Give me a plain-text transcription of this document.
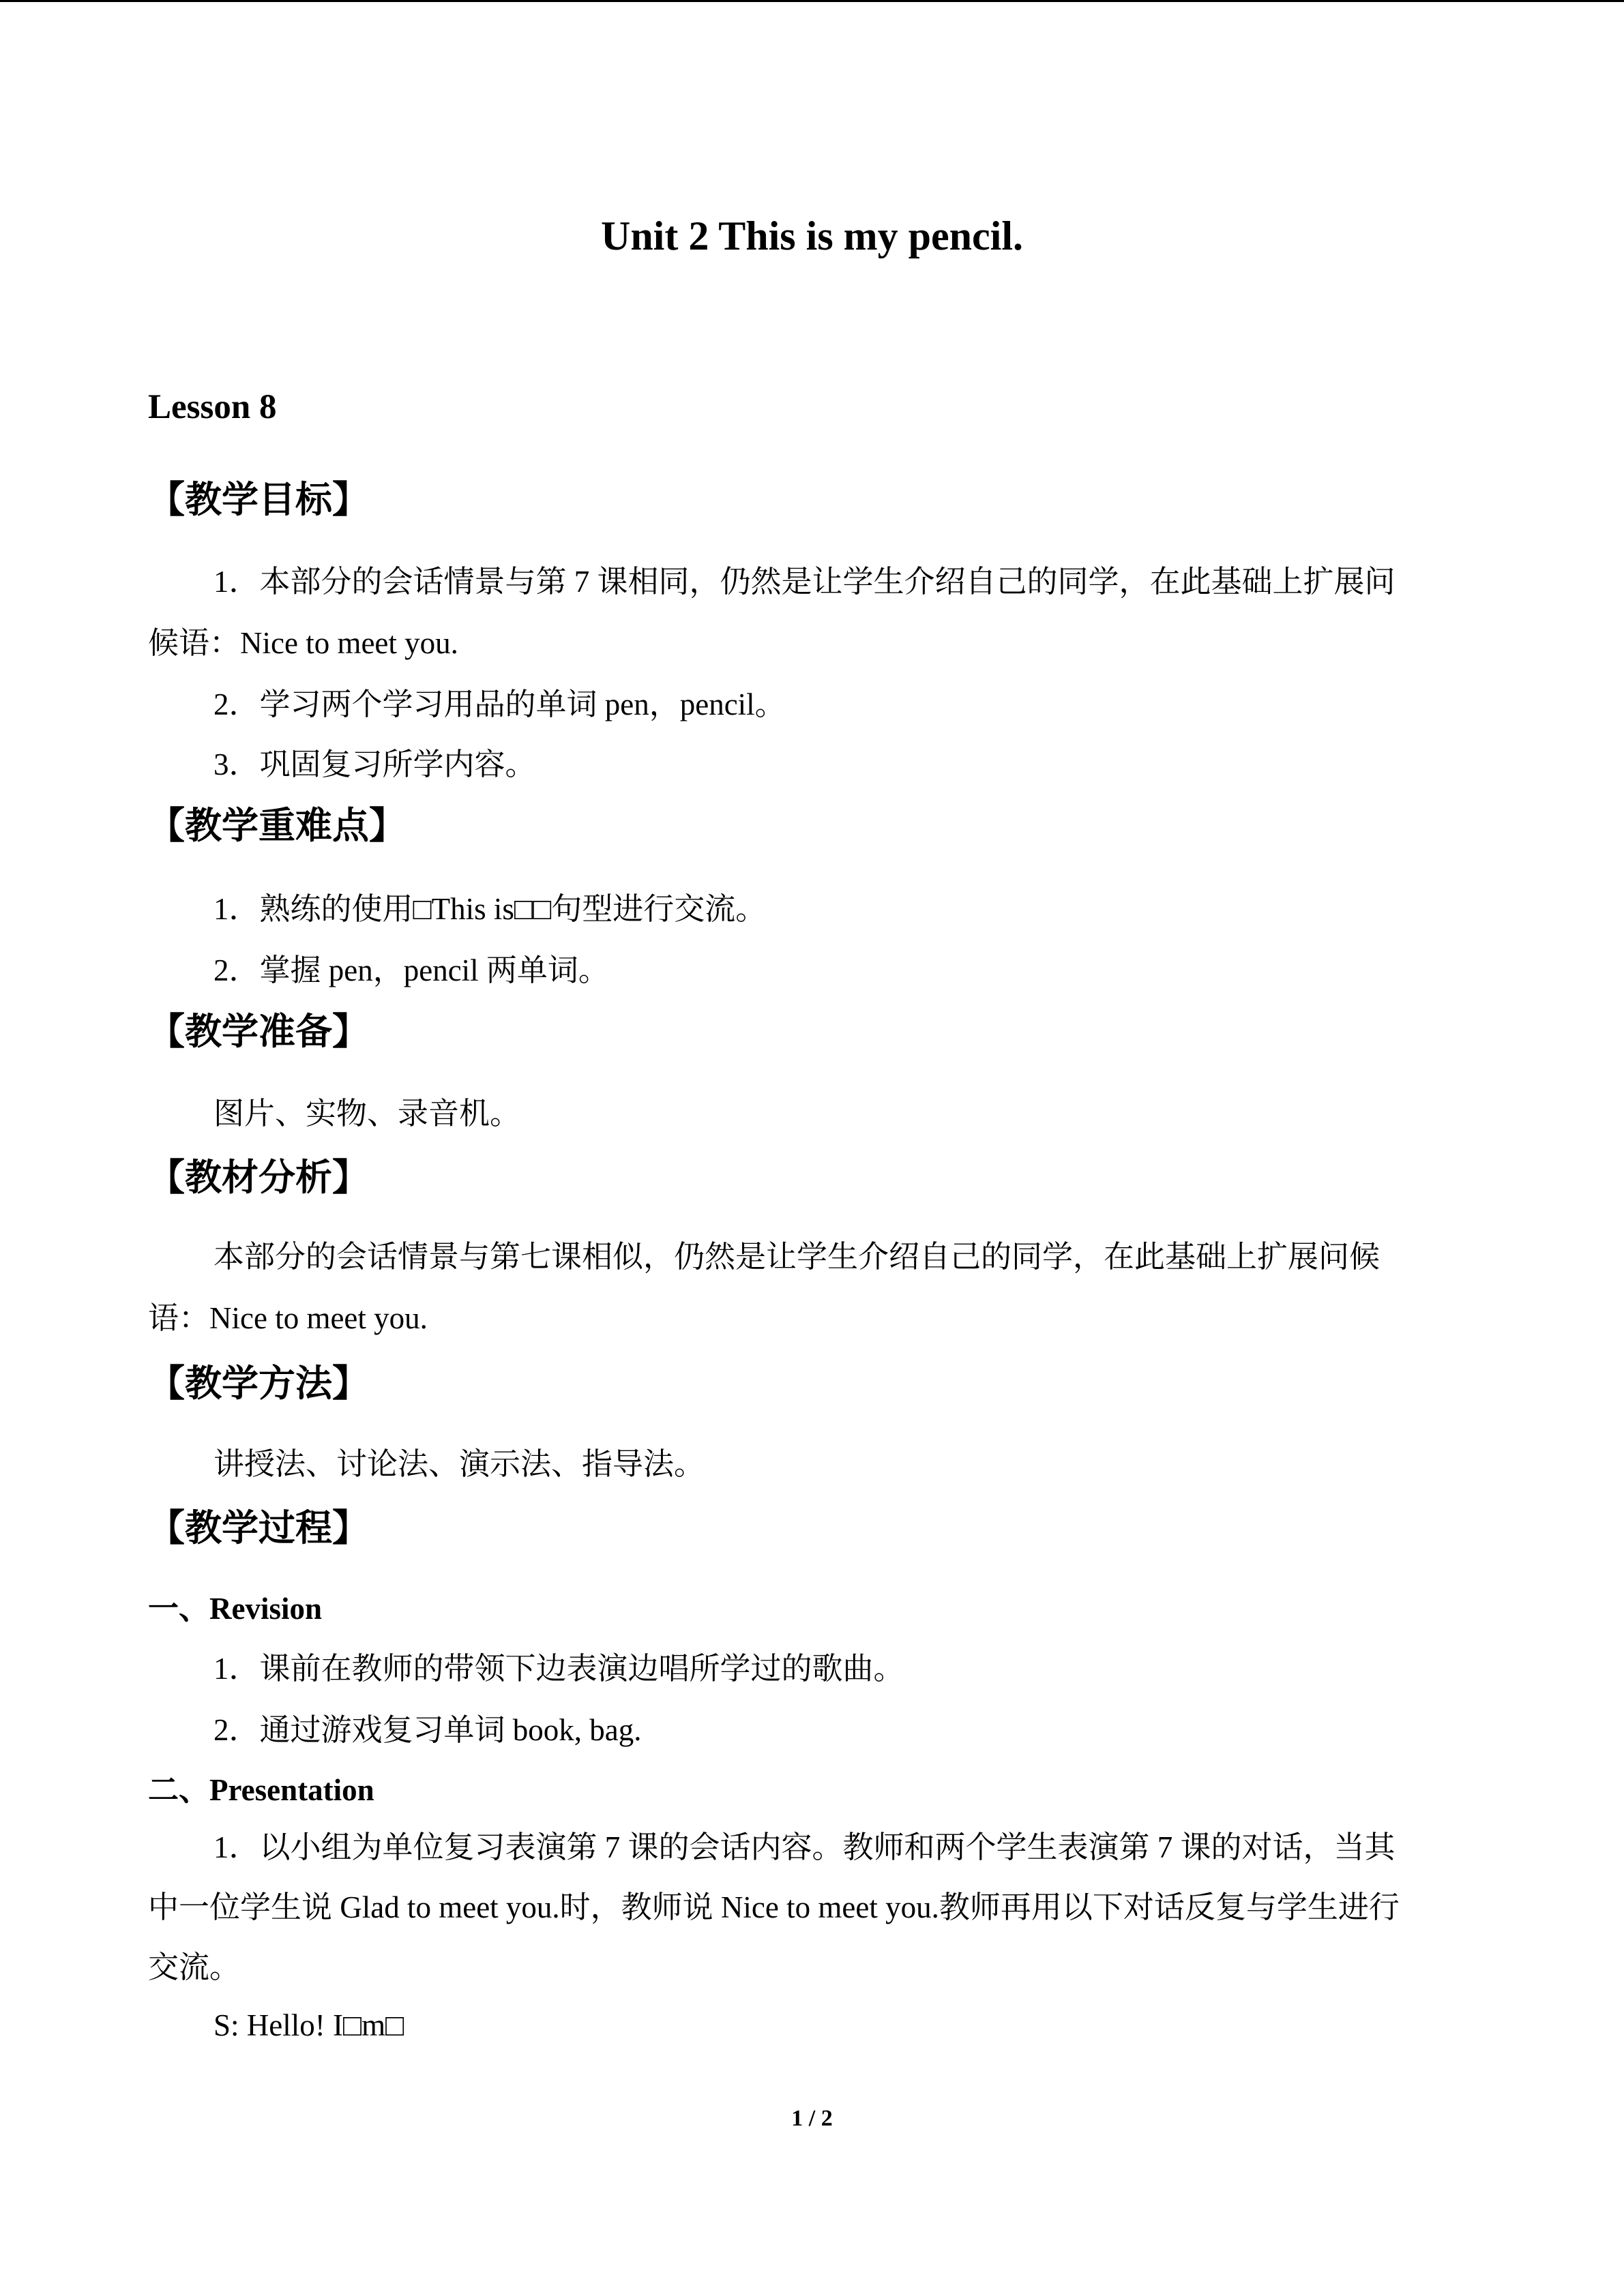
Unit 2 This is my pencil.
Lesson 8
【教学目标】
1．本部分的会话情景与第 7 课相同，仍然是让学生介绍自己的同学，在此基础上扩展问
候语：Nice to meet you.
2．学习两个学习用品的单词 pen，pencil。
3．巩固复习所学内容。
【教学重难点】
1．熟练的使用□This is□□句型进行交流。
2．掌握 pen，pencil 两单词。
【教学准备】
图片、实物、录音机。
【教材分析】
本部分的会话情景与第七课相似，仍然是让学生介绍自己的同学，在此基础上扩展问候
语：Nice to meet you.
【教学方法】
讲授法、讨论法、演示法、指导法。
【教学过程】
一、Revision
1．课前在教师的带领下边表演边唱所学过的歌曲。
2．通过游戏复习单词 book, bag.
二、Presentation
1．以小组为单位复习表演第 7 课的会话内容。教师和两个学生表演第 7 课的对话，当其
中一位学生说 Glad to meet you.时，教师说 Nice to meet you.教师再用以下对话反复与学生进行
交流。
S: Hello! I□m□
1 / 2
